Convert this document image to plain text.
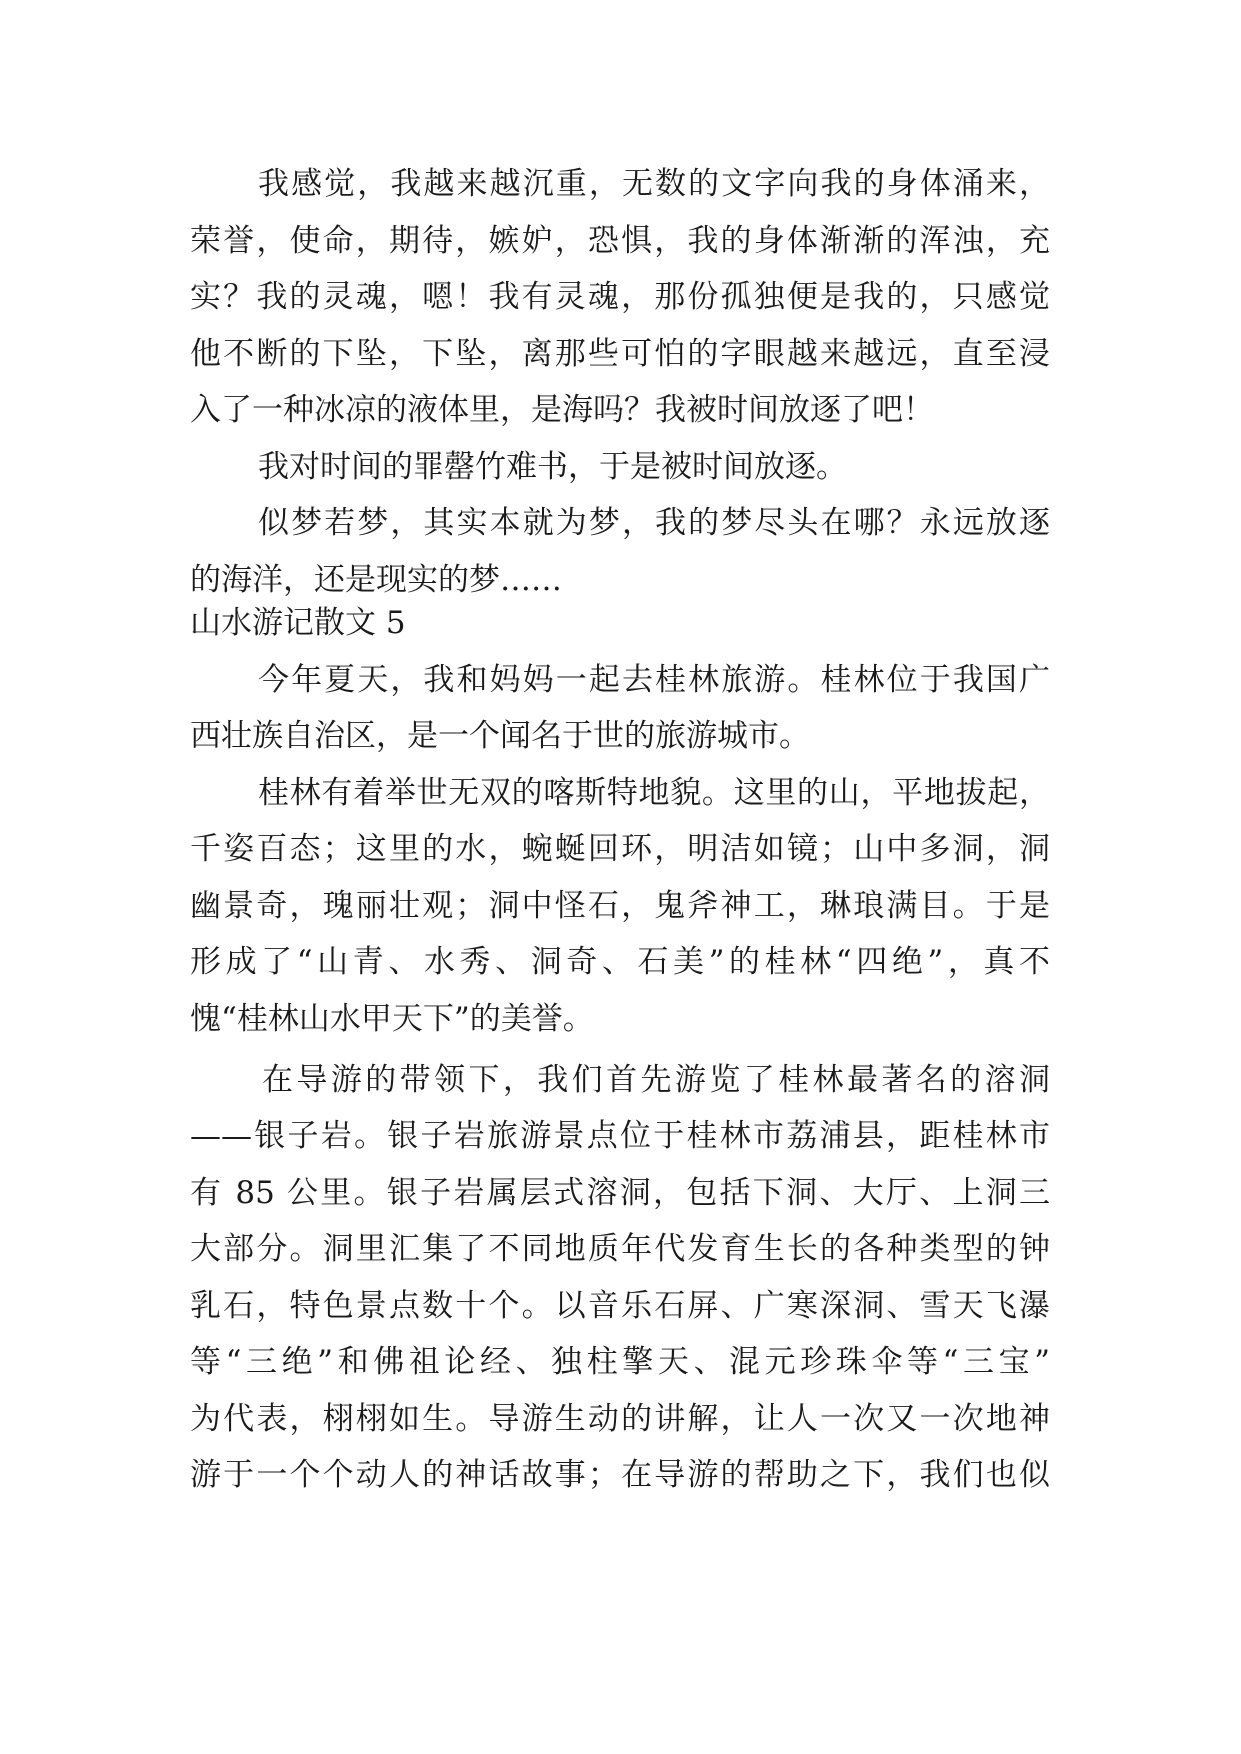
我感觉，我越来越沉重，无数的文字向我的身体涌来，
荣誉，使命，期待，嫉妒，恐惧，我的身体渐渐的浑浊，充
实？我的灵魂，嗯！我有灵魂，那份孤独便是我的，只感觉
他不断的下坠，下坠，离那些可怕的字眼越来越远，直至浸
入了一种冰凉的液体里，是海吗？我被时间放逐了吧！
我对时间的罪罄竹难书，于是被时间放逐。
似梦若梦，其实本就为梦，我的梦尽头在哪？永远放逐
的海洋，还是现实的梦……
山水游记散文 5
今年夏天，我和妈妈一起去桂林旅游。桂林位于我国广
西壮族自治区，是一个闻名于世的旅游城市。
桂林有着举世无双的喀斯特地貌。这里的山，平地拔起，
千姿百态；这里的水，蜿蜒回环，明洁如镜；山中多洞，洞
幽景奇，瑰丽壮观；洞中怪石，鬼斧神工，琳琅满目。于是
形成了“山青、水秀、洞奇、石美”的桂林“四绝”，真不
愧“桂林山水甲天下”的美誉。
在导游的带领下，我们首先游览了桂林最著名的溶洞
——银子岩。银子岩旅游景点位于桂林市荔浦县，距桂林市
有 85 公里。银子岩属层式溶洞，包括下洞、大厅、上洞三
大部分。洞里汇集了不同地质年代发育生长的各种类型的钟
乳石，特色景点数十个。以音乐石屏、广寒深洞、雪天飞瀑
等“三绝”和佛祖论经、独柱擎天、混元珍珠伞等“三宝”
为代表，栩栩如生。导游生动的讲解，让人一次又一次地神
游于一个个动人的神话故事；在导游的帮助之下，我们也似
